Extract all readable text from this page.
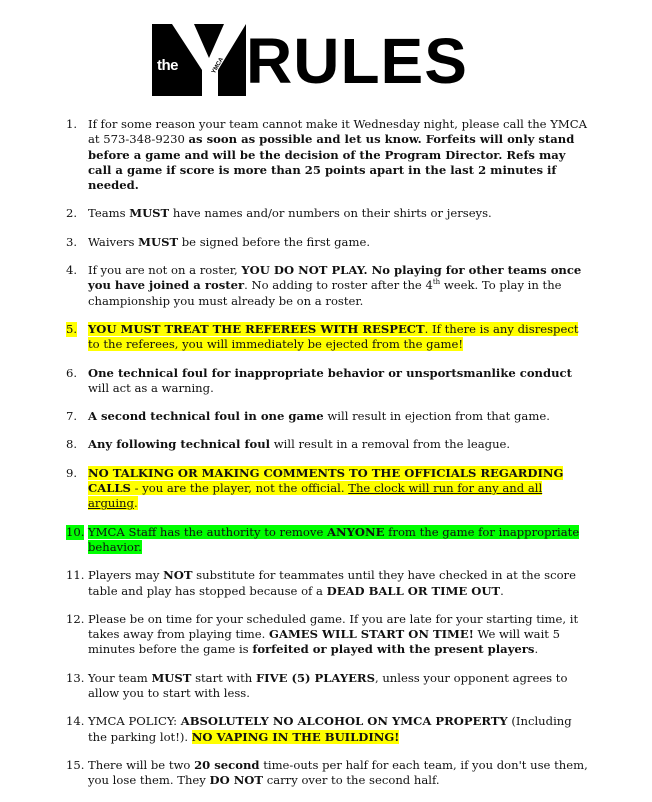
the	YMCA RULES
1. If for some reason your team cannot make it Wednesday night, please call the YMCA at 573-348-9230 as soon as possible and let us know. Forfeits will only stand before a game and will be the decision of the Program Director. Refs may call a game if score is more than 25 points apart in the last 2 minutes if needed.
2. Teams MUST have names and/or numbers on their shirts or jerseys.
3. Waivers MUST be signed before the first game.
4. If you are not on a roster, YOU DO NOT PLAY. No playing for other teams once you have joined a roster. No adding to roster after the 4th week. To play in the championship you must already be on a roster.
5. YOU MUST TREAT THE REFEREES WITH RESPECT. If there is any disrespect to the referees, you will immediately be ejected from the game!
6. One technical foul for inappropriate behavior or unsportsmanlike conduct will act as a warning.
7. A second technical foul in one game will result in ejection from that game.
8. Any following technical foul will result in a removal from the league.
9. NO TALKING OR MAKING COMMENTS TO THE OFFICIALS REGARDING CALLS - you are the player, not the official. The clock will run for any and all arguing.
10. YMCA Staff has the authority to remove ANYONE from the game for inappropriate behavior.
11. Players may NOT substitute for teammates until they have checked in at the score table and play has stopped because of a DEAD BALL OR TIME OUT.
12. Please be on time for your scheduled game. If you are late for your starting time, it takes away from playing time. GAMES WILL START ON TIME! We will wait 5 minutes before the game is forfeited or played with the present players.
13. Your team MUST start with FIVE (5) PLAYERS, unless your opponent agrees to allow you to start with less.
14. YMCA POLICY: ABSOLUTELY NO ALCOHOL ON YMCA PROPERTY (Including the parking lot!). NO VAPING IN THE BUILDING!
15. There will be two 20 second time-outs per half for each team, if you don't use them, you lose them. They DO NOT carry over to the second half.
